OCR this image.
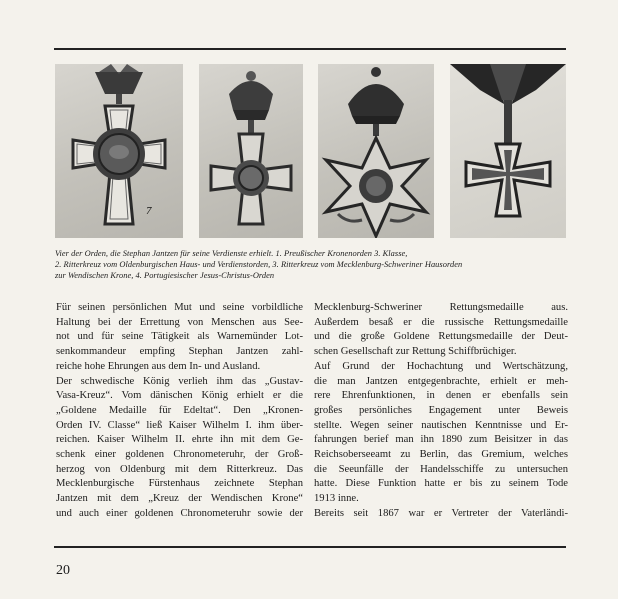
7
Vier der Orden, die Stephan Jantzen für seine Verdienste erhielt. 1. Preußischer Kronenorden 3. Klasse,
2. Ritterkreuz vom Oldenburgischen Haus- und Verdienstorden, 3. Ritterkreuz vom Mecklenburg-Schweriner Hausorden
zur Wendischen Krone, 4. Portugiesischer Jesus-Christus-Orden
Für seinen persönlichen Mut und seine vorbildliche
Haltung bei der Errettung von Menschen aus See-
not und für seine Tätigkeit als Warnemünder Lot-
senkommandeur empfing Stephan Jantzen zahl-
reiche hohe Ehrungen aus dem In- und Ausland.
Der schwedische König verlieh ihm das „Gustav-
Vasa-Kreuz“. Vom dänischen König erhielt er die
„Goldene Medaille für Edeltat“. Den „Kronen-
Orden IV. Classe“ ließ Kaiser Wilhelm I. ihm über-
reichen. Kaiser Wilhelm II. ehrte ihn mit dem Ge-
schenk einer goldenen Chronometeruhr, der Groß-
herzog von Oldenburg mit dem Ritterkreuz. Das
Mecklenburgische Fürstenhaus zeichnete Stephan
Jantzen mit dem „Kreuz der Wendischen Krone“
und auch einer goldenen Chronometeruhr sowie der
Mecklenburg-Schweriner Rettungsmedaille aus.
Außerdem besaß er die russische Rettungsmedaille
und die große Goldene Rettungsmedaille der Deut-
schen Gesellschaft zur Rettung Schiffbrüchiger.
Auf Grund der Hochachtung und Wertschätzung,
die man Jantzen entgegenbrachte, erhielt er meh-
rere Ehrenfunktionen, in denen er ebenfalls sein
großes persönliches Engagement unter Beweis
stellte. Wegen seiner nautischen Kenntnisse und Er-
fahrungen berief man ihn 1890 zum Beisitzer in das
Reichsoberseeamt zu Berlin, das Gremium, welches
die Seeunfälle der Handelsschiffe zu untersuchen
hatte. Diese Funktion hatte er bis zu seinem Tode
1913 inne.
Bereits seit 1867 war er Vertreter der Vaterländi-
20
